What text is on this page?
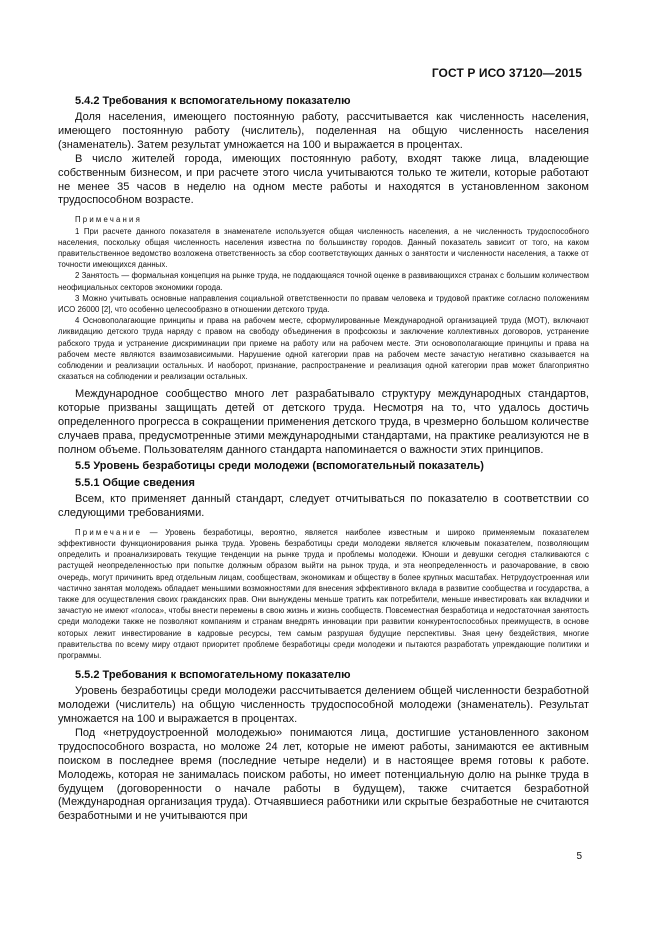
ГОСТ Р ИСО 37120—2015
5.4.2 Требования к вспомогательному показателю

Доля населения, имеющего постоянную работу, рассчитывается как численность населения, имеющего постоянную работу (числитель), поделенная на общую численность населения (знаменатель). Затем результат умножается на 100 и выражается в процентах.

В число жителей города, имеющих постоянную работу, входят также лица, владеющие собственным бизнесом, и при расчете этого числа учитываются только те жители, которые работают не менее 35 часов в неделю на одном месте работы и находятся в установленном законом трудоспособном возрасте.

Примечания

1 При расчете данного показателя в знаменателе используется общая численность населения, а не численность трудоспособного населения, поскольку общая численность населения известна по большинству городов. Данный показатель зависит от того, на каком правительственное ведомство возложена ответственность за сбор соответствующих данных о занятости и численности населения, а также от точности имеющихся данных.

2 Занятость — формальная концепция на рынке труда, не поддающаяся точной оценке в развивающихся странах с большим количеством неофициальных секторов экономики города.

3 Можно учитывать основные направления социальной ответственности по правам человека и трудовой практике согласно положениям ИСО 26000 [2], что особенно целесообразно в отношении детского труда.

4 Основополагающие принципы и права на рабочем месте, сформулированные Международной организацией труда (МОТ), включают ликвидацию детского труда наряду с правом на свободу объединения в профсоюзы и заключение коллективных договоров, устранение рабского труда и устранение дискриминации при приеме на работу или на рабочем месте. Эти основополагающие принципы и права на рабочем месте являются взаимозависимыми. Нарушение одной категории прав на рабочем месте зачастую негативно сказывается на соблюдении и реализации остальных. И наоборот, признание, распространение и реализация одной категории прав может благоприятно сказаться на соблюдении и реализации остальных.

Международное сообщество много лет разрабатывало структуру международных стандартов, которые призваны защищать детей от детского труда. Несмотря на то, что удалось достичь определенного прогресса в сокращении применения детского труда, в чрезмерно большом количестве случаев права, предусмотренные этими международными стандартами, на практике реализуются не в полном объеме. Пользователям данного стандарта напоминается о важности этих принципов.

5.5 Уровень безработицы среди молодежи (вспомогательный показатель)
5.5.1 Общие сведения

Всем, кто применяет данный стандарт, следует отчитываться по показателю в соответствии со следующими требованиями.

Примечание — Уровень безработицы, вероятно, является наиболее известным и широко применяемым показателем эффективности функционирования рынка труда. Уровень безработицы среди молодежи является ключевым показателем, позволяющим определить и проанализировать текущие тенденции на рынке труда и проблемы молодежи. Юноши и девушки сегодня сталкиваются с растущей неопределенностью при попытке должным образом выйти на рынок труда, и эта неопределенность и разочарование, в свою очередь, могут причинить вред отдельным лицам, сообществам, экономикам и обществу в более крупных масштабах. Нетрудоустроенная или частично занятая молодежь обладает меньшими возможностями для внесения эффективного вклада в развитие сообщества и государства, а также для осуществления своих гражданских прав. Они вынуждены меньше тратить как потребители, меньше инвестировать как вкладчики и зачастую не имеют «голоса», чтобы внести перемены в свою жизнь и жизнь сообществ. Повсеместная безработица и недостаточная занятость среди молодежи также не позволяют компаниям и странам внедрять инновации при развитии конкурентоспособных преимуществ, в основе которых лежит инвестирование в кадровые ресурсы, тем самым разрушая будущие перспективы. Зная цену бездействия, многие правительства по всему миру отдают приоритет проблеме безработицы среди молодежи и пытаются разработать упреждающие политики и программы.

5.5.2 Требования к вспомогательному показателю

Уровень безработицы среди молодежи рассчитывается делением общей численности безработной молодежи (числитель) на общую численность трудоспособной молодежи (знаменатель). Результат умножается на 100 и выражается в процентах.

Под «нетрудоустроенной молодежью» понимаются лица, достигшие установленного законом трудоспособного возраста, но моложе 24 лет, которые не имеют работы, занимаются ее активным поиском в последнее время (последние четыре недели) и в настоящее время готовы к работе. Молодежь, которая не занималась поиском работы, но имеет потенциальную долю на рынке труда в будущем (договоренности о начале работы в будущем), также считается безработной (Международная организация труда). Отчаявшиеся работники или скрытые безработные не считаются безработными и не учитываются при

5
